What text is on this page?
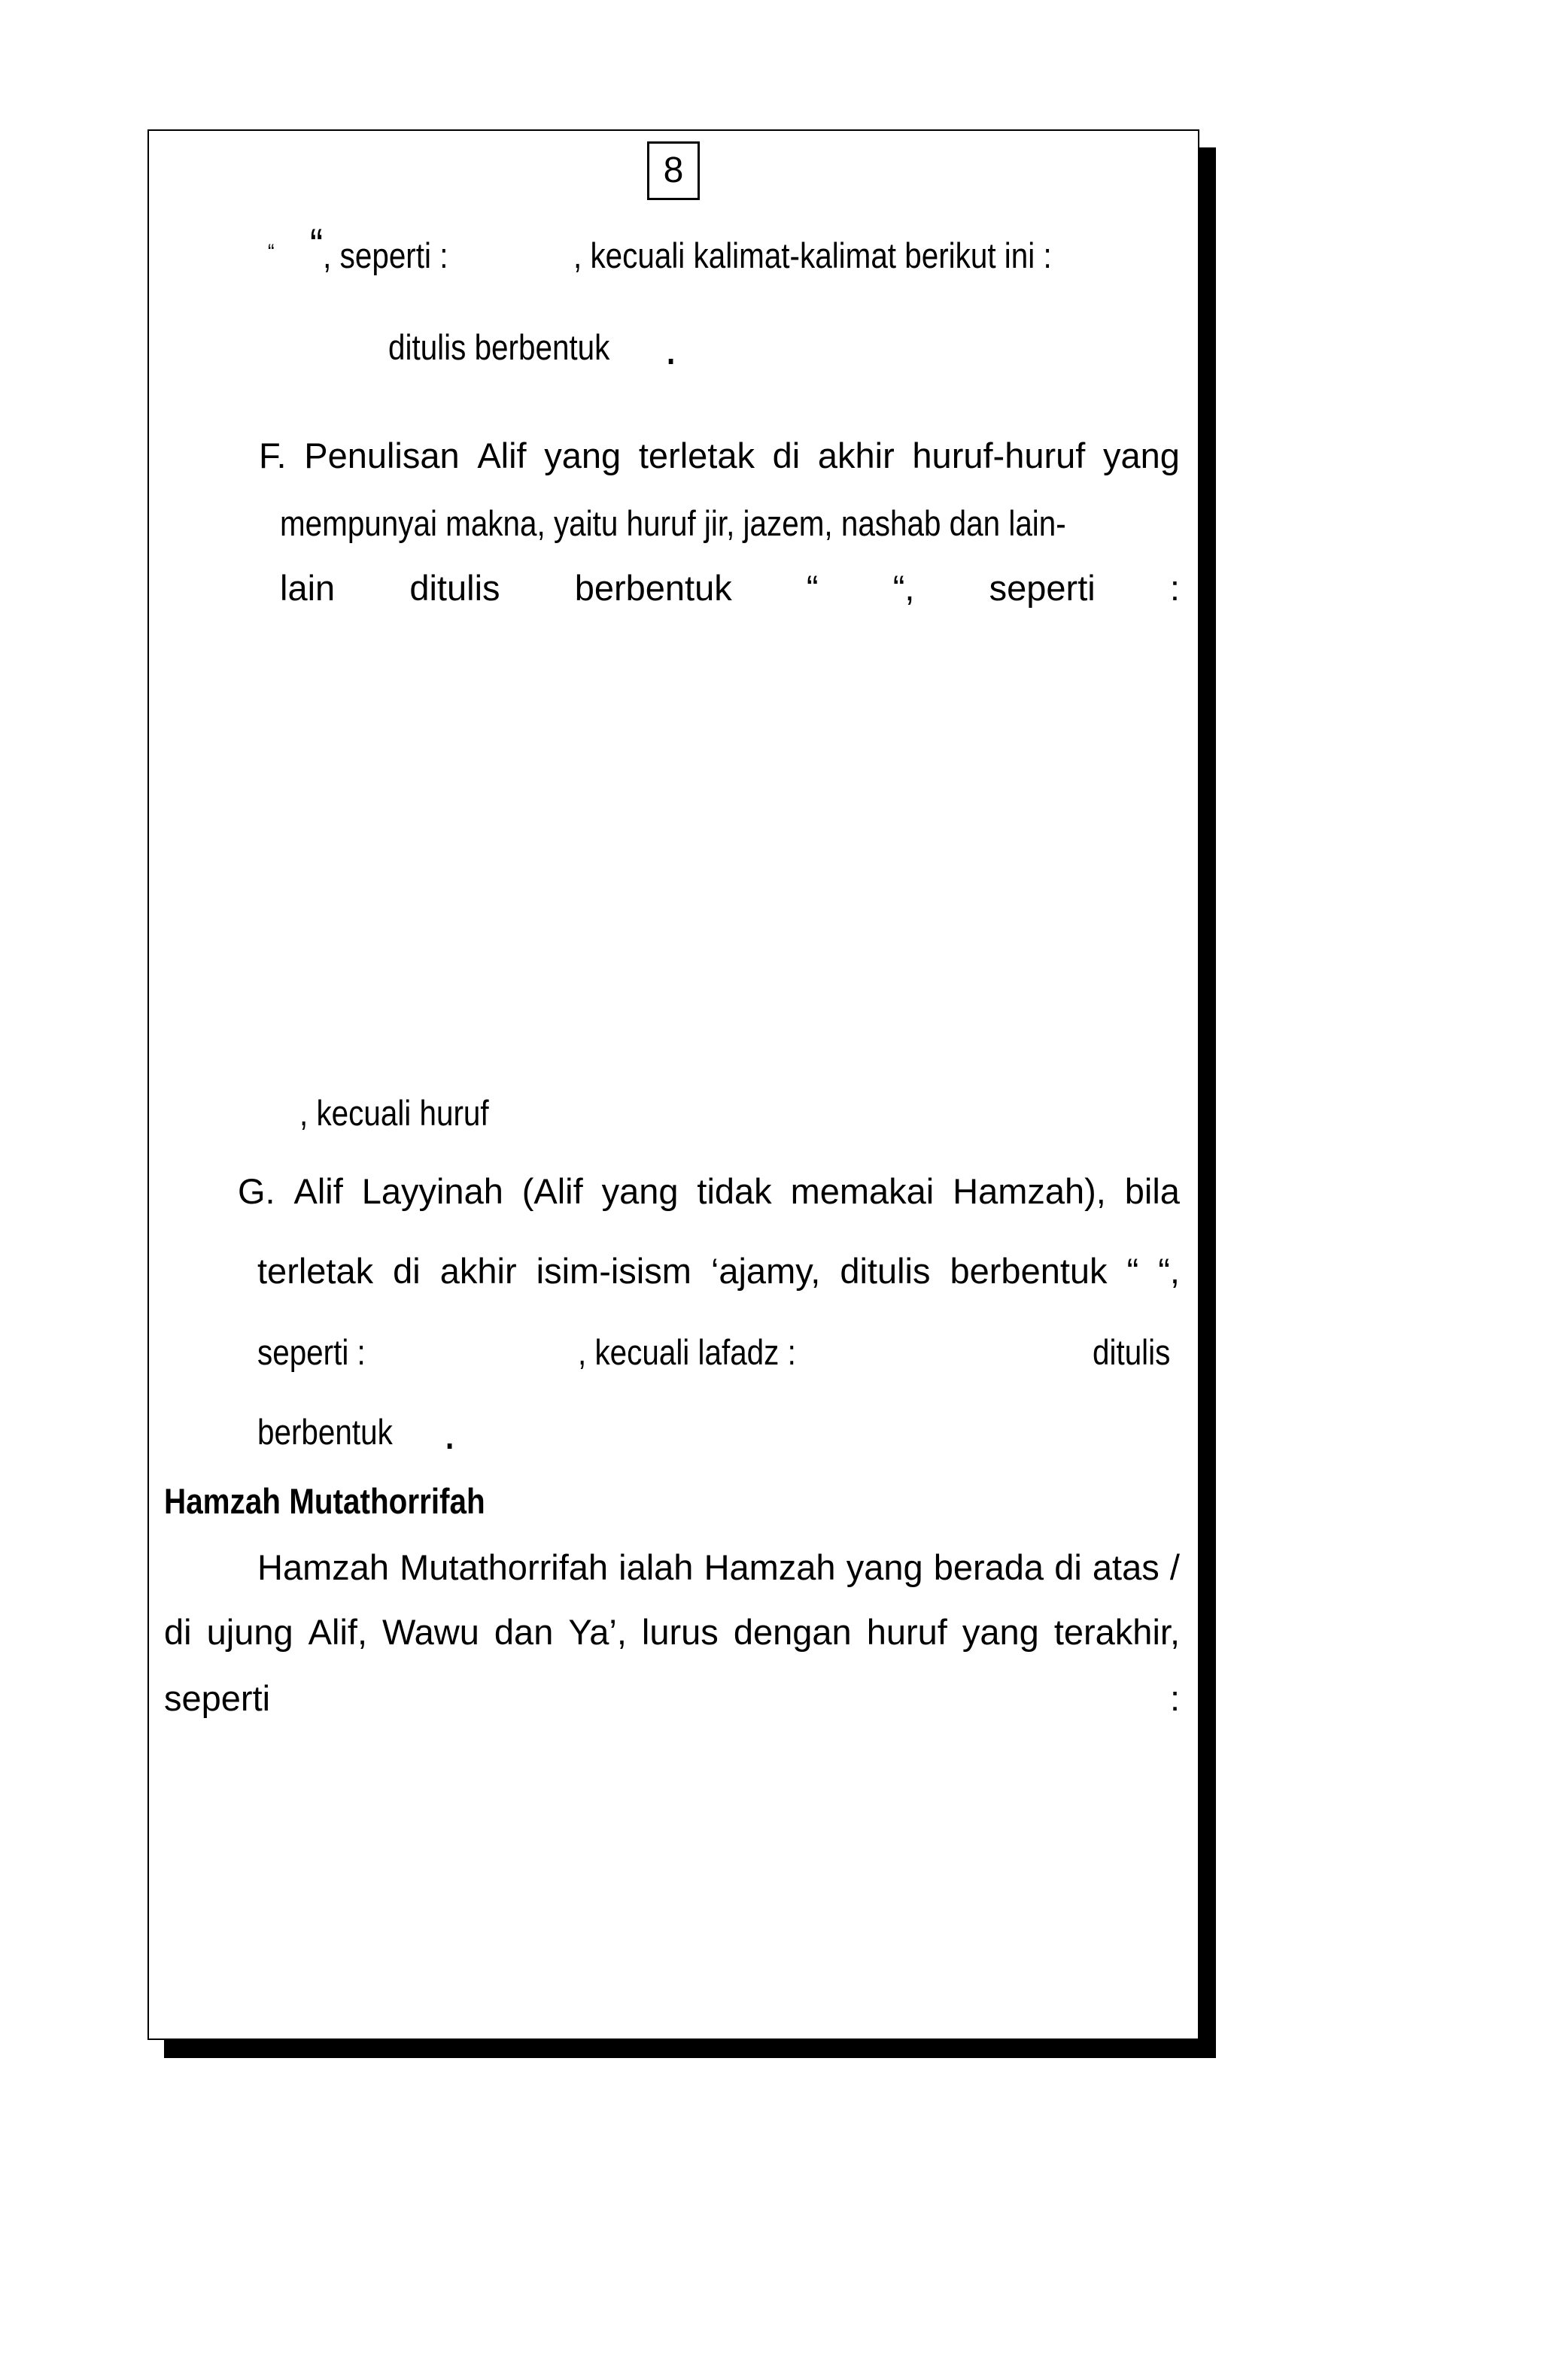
8
“ “, seperti :	, kecuali kalimat-kalimat berikut ini :
ditulis berbentuk .
F. Penulisan Alif yang terletak di akhir huruf-huruf yang
mempunyai makna, yaitu huruf jir, jazem, nashab dan lain-
lain ditulis berbentuk “ “, seperti :
, kecuali huruf
G. Alif Layyinah (Alif yang tidak memakai Hamzah), bila
terletak di akhir isim-isism ‘ajamy, ditulis berbentuk “ “,
seperti :	, kecuali lafadz :	ditulis
berbentuk .
Hamzah Mutathorrifah
Hamzah Mutathorrifah ialah Hamzah yang berada di atas /
di ujung Alif, Wawu dan Ya’, lurus dengan huruf yang terakhir,
seperti	:
